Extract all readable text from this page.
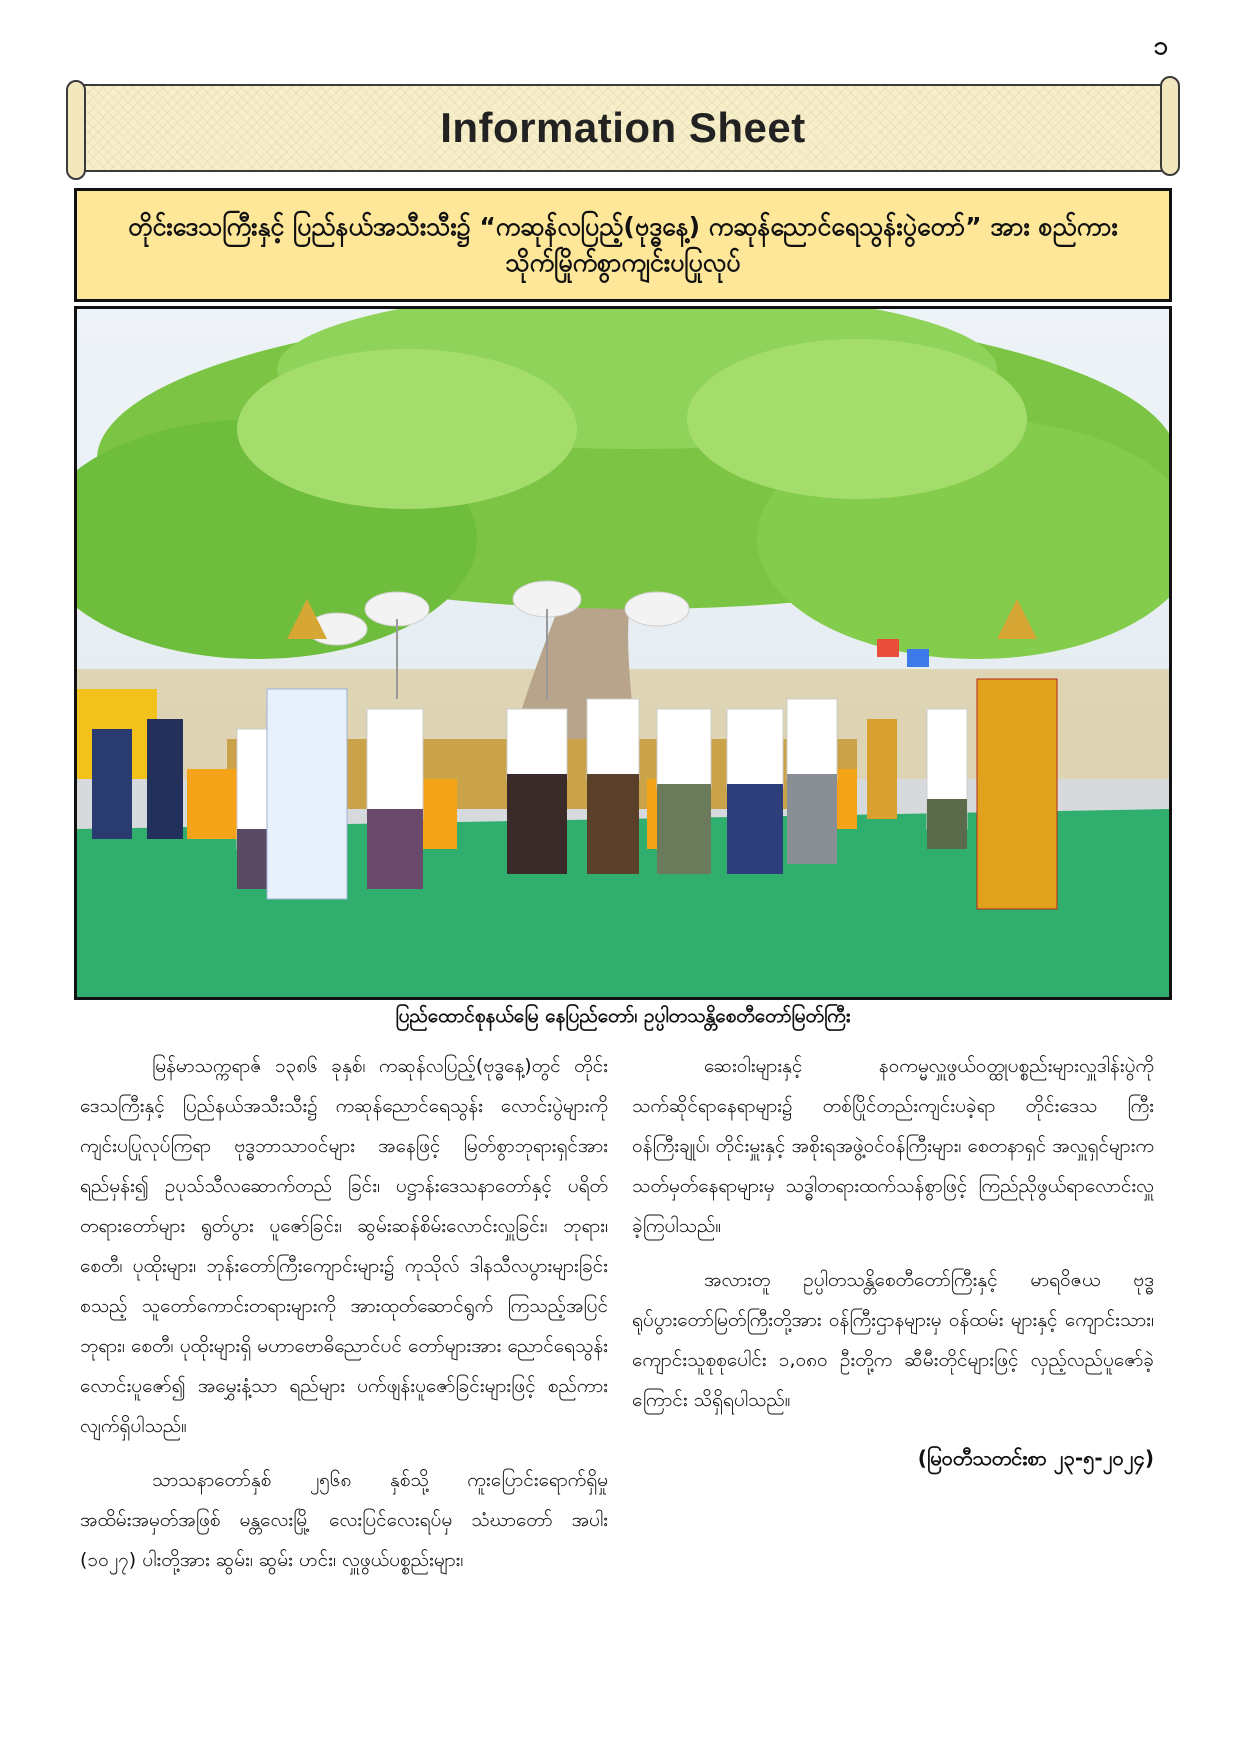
၁
Information Sheet
တိုင်းဒေသကြီးနှင့် ပြည်နယ်အသီးသီး၌ “ကဆုန်လပြည့်(ဗုဒ္ဓနေ့) ကဆုန်ညောင်ရေသွန်းပွဲတော်” အား စည်ကားသိုက်မြိုက်စွာကျင်းပပြုလုပ်
ပြည်ထောင်စုနယ်မြေ နေပြည်တော်၊ ဥပ္ပါတသန္တိစေတီတော်မြတ်ကြီး

မြန်မာသက္ကရာဇ် ၁၃၈၆ ခုနှစ်၊ ကဆုန်လပြည့်(ဗုဒ္ဓနေ့)တွင် တိုင်းဒေသကြီးနှင့် ပြည်နယ်အသီးသီး၌ ကဆုန်ညောင်ရေသွန်း လောင်းပွဲများကို ကျင်းပပြုလုပ်ကြရာ ဗုဒ္ဓဘာသာဝင်များ အနေဖြင့် မြတ်စွာဘုရားရှင်အားရည်မှန်း၍ ဥပုသ်သီလဆောက်တည် ခြင်း၊ ပဋ္ဌာန်းဒေသနာတော်နှင့် ပရိတ်တရားတော်များ ရွတ်ပွား ပူဇော်ခြင်း၊ ဆွမ်းဆန်စိမ်းလောင်းလှူခြင်း၊ ဘုရား၊ စေတီ၊ ပုထိုးများ၊ ဘုန်းတော်ကြီးကျောင်းများ၌ ကုသိုလ် ဒါနသီလပွားများခြင်း စသည့် သူတော်ကောင်းတရားများကို အားထုတ်ဆောင်ရွက် ကြသည့်အပြင် ဘုရား၊ စေတီ၊ ပုထိုးများရှိ မဟာဗောဓိညောင်ပင် တော်များအား ညောင်ရေသွန်းလောင်းပူဇော်၍ အမွှေးနံ့သာ ရည်များ ပက်ဖျန်းပူဇော်ခြင်းများဖြင့် စည်ကားလျက်ရှိပါသည်။

သာသနာတော်နှစ် ၂၅၆၈ နှစ်သို့ ကူးပြောင်းရောက်ရှိမှု အထိမ်းအမှတ်အဖြစ် မန္တလေးမြို့ လေးပြင်လေးရပ်မှ သံဃာတော် အပါး (၁၀၂၇) ပါးတို့အား ဆွမ်း၊ ဆွမ်း ဟင်း၊ လှူဖွယ်ပစ္စည်းများ၊

ဆေးဝါးများနှင့် နဝကမ္မလှူဖွယ်ဝတ္ထုပစ္စည်းများလှူဒါန်းပွဲကို သက်ဆိုင်ရာနေရာများ၌ တစ်ပြိုင်တည်းကျင်းပခဲ့ရာ တိုင်းဒေသ ကြီးဝန်ကြီးချုပ်၊ တိုင်းမှူးနှင့် အစိုးရအဖွဲ့ဝင်ဝန်ကြီးများ၊ စေတနာရှင် အလှူရှင်များက သတ်မှတ်နေရာများမှ သဒ္ဓါတရားထက်သန်စွာဖြင့် ကြည်ညိုဖွယ်ရာလောင်းလှူခဲ့ကြပါသည်။

အလားတူ ဥပ္ပါတသန္တိစေတီတော်ကြီးနှင့် မာရဝိဇယ ဗုဒ္ဓရုပ်ပွားတော်မြတ်ကြီးတို့အား ဝန်ကြီးဌာနများမှ ဝန်ထမ်း များနှင့် ကျောင်းသား၊ ကျောင်းသူစုစုပေါင်း ၁,၀၈၀ ဦးတို့က ဆီမီးတိုင်များဖြင့် လှည့်လည်ပူဇော်ခဲ့ကြောင်း သိရှိရပါသည်။

(မြဝတီသတင်းစာ ၂၃-၅-၂၀၂၄)
